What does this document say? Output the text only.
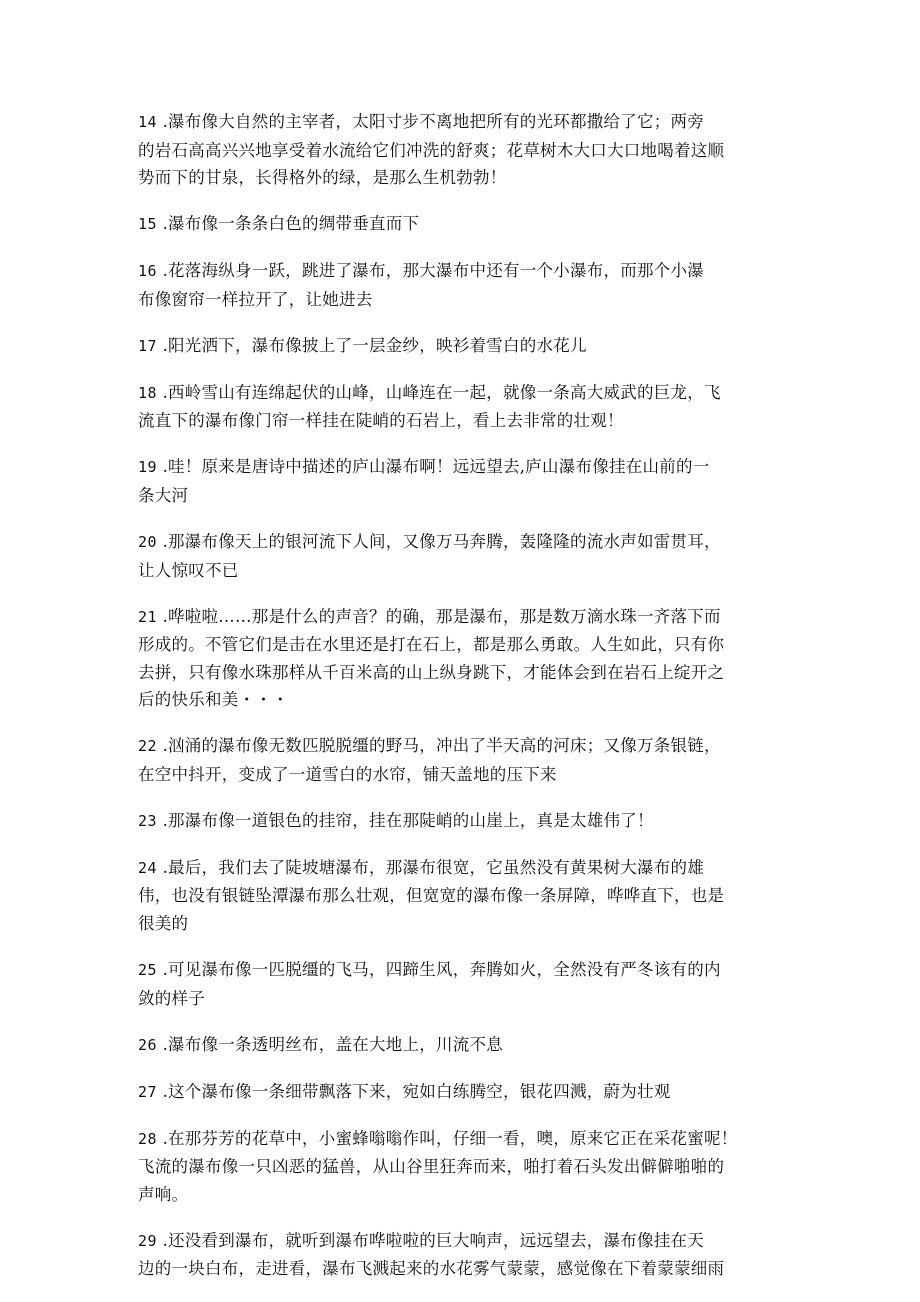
14 .瀑布像大自然的主宰者，太阳寸步不离地把所有的光环都撒给了它；两旁
的岩石高高兴兴地享受着水流给它们冲洗的舒爽；花草树木大口大口地喝着这顺
势而下的甘泉，长得格外的绿，是那么生机勃勃！
15 .瀑布像一条条白色的绸带垂直而下
16 .花落海纵身一跃，跳进了瀑布，那大瀑布中还有一个小瀑布，而那个小瀑
布像窗帘一样拉开了，让她进去
17 .阳光洒下，瀑布像披上了一层金纱，映衫着雪白的水花儿
18 .西岭雪山有连绵起伏的山峰，山峰连在一起，就像一条高大威武的巨龙，飞
流直下的瀑布像门帘一样挂在陡峭的石岩上，看上去非常的壮观！
19 .哇！原来是唐诗中描述的庐山瀑布啊！远远望去,庐山瀑布像挂在山前的一
条大河
20 .那瀑布像天上的银河流下人间，又像万马奔腾，轰隆隆的流水声如雷贯耳，
让人惊叹不已
21 .哗啦啦……那是什么的声音？的确，那是瀑布，那是数万滴水珠一齐落下而
形成的。不管它们是击在水里还是打在石上，都是那么勇敢。人生如此，只有你
去拼，只有像水珠那样从千百米高的山上纵身跳下，才能体会到在岩石上绽开之
后的快乐和美・・・
22 .汹涌的瀑布像无数匹脱脱缰的野马，冲出了半天高的河床；又像万条银链，
在空中抖开，变成了一道雪白的水帘，铺天盖地的压下来
23 .那瀑布像一道银色的挂帘，挂在那陡峭的山崖上，真是太雄伟了！
24 .最后，我们去了陡坡塘瀑布，那瀑布很宽，它虽然没有黄果树大瀑布的雄
伟，也没有银链坠潭瀑布那么壮观，但宽宽的瀑布像一条屏障，哗哗直下，也是
很美的
25 .可见瀑布像一匹脱缰的飞马，四蹄生风，奔腾如火，全然没有严冬该有的内
敛的样子
26 .瀑布像一条透明丝布，盖在大地上，川流不息
27 .这个瀑布像一条细带飘落下来，宛如白练腾空，银花四溅，蔚为壮观
28 .在那芬芳的花草中，小蜜蜂嗡嗡作叫，仔细一看，噢，原来它正在采花蜜呢！
飞流的瀑布像一只凶恶的猛兽，从山谷里狂奔而来，啪打着石头发出僻僻啪啪的
声响。
29 .还没看到瀑布，就听到瀑布哗啦啦的巨大响声，远远望去，瀑布像挂在天
边的一块白布，走进看，瀑布飞溅起来的水花雾气蒙蒙，感觉像在下着蒙蒙细雨
